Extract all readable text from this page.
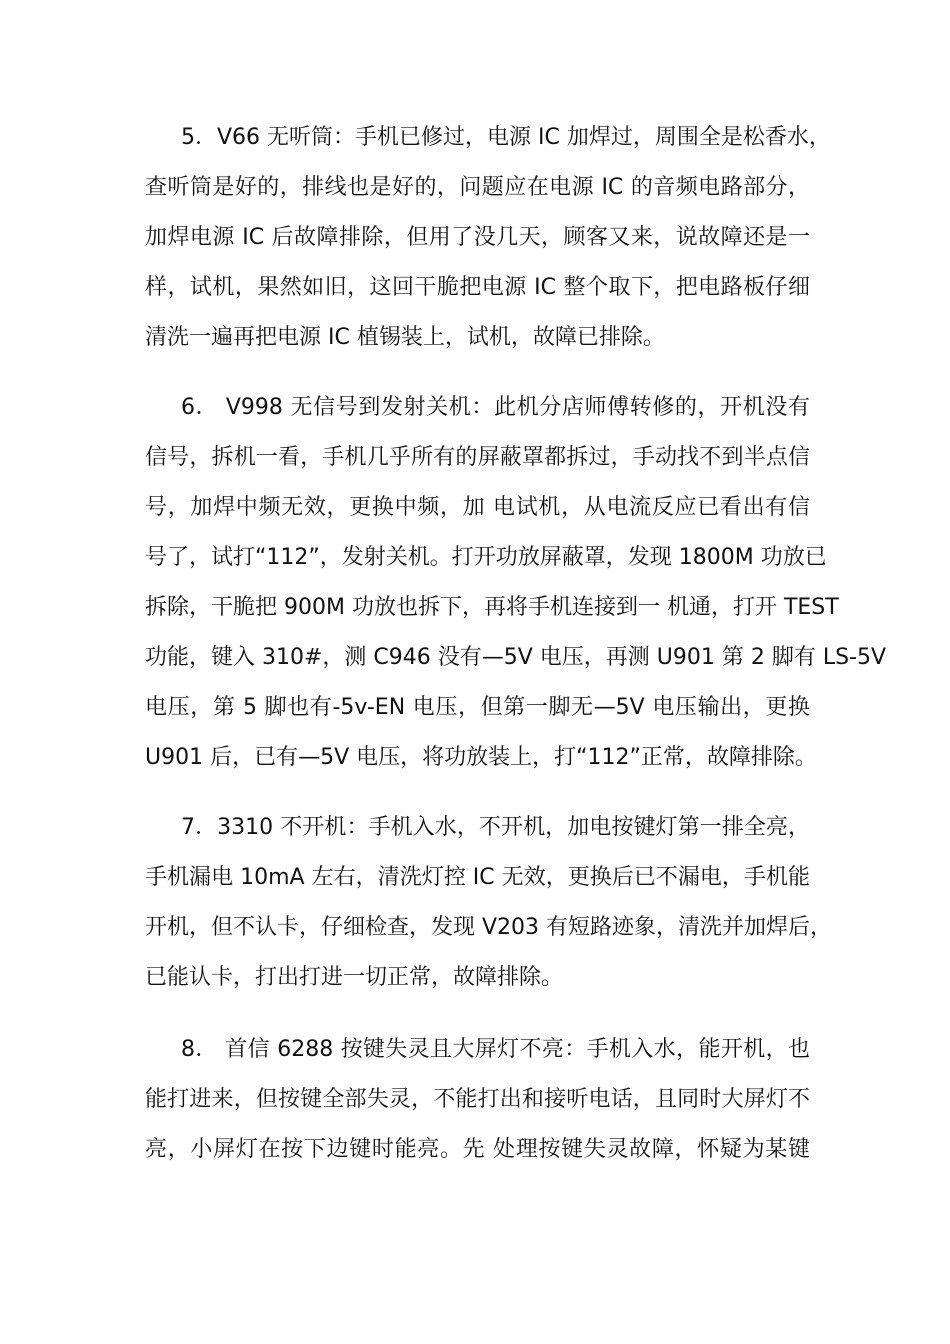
5．V66 无听筒：手机已修过，电源 IC 加焊过，周围全是松香水，
查听筒是好的，排线也是好的，问题应在电源 IC 的音频电路部分，
加焊电源 IC 后故障排除，但用了没几天，顾客又来，说故障还是一
样，试机，果然如旧，这回干脆把电源 IC 整个取下，把电路板仔细
清洗一遍再把电源 IC 植锡装上，试机，故障已排除。
6． V998 无信号到发射关机：此机分店师傅转修的，开机没有
信号，拆机一看，手机几乎所有的屏蔽罩都拆过，手动找不到半点信
号，加焊中频无效，更换中频，加 电试机，从电流反应已看出有信
号了，试打“112”，发射关机。打开功放屏蔽罩，发现 1800M 功放已
拆除，干脆把 900M 功放也拆下，再将手机连接到一 机通，打开 TEST
功能，键入 310#，测 C946 没有—5V 电压，再测 U901 第 2 脚有 LS-5V
电压，第 5 脚也有-5v-EN 电压，但第一脚无—5V 电压输出，更换
U901 后，已有—5V 电压，将功放装上，打“112”正常，故障排除。
7．3310 不开机：手机入水，不开机，加电按键灯第一排全亮，
手机漏电 10mA 左右，清洗灯控 IC 无效，更换后已不漏电，手机能
开机，但不认卡，仔细检查，发现 V203 有短路迹象，清洗并加焊后，
已能认卡，打出打进一切正常，故障排除。
8． 首信 6288 按键失灵且大屏灯不亮：手机入水，能开机，也
能打进来，但按键全部失灵，不能打出和接听电话，且同时大屏灯不
亮，小屏灯在按下边键时能亮。先 处理按键失灵故障，怀疑为某键
